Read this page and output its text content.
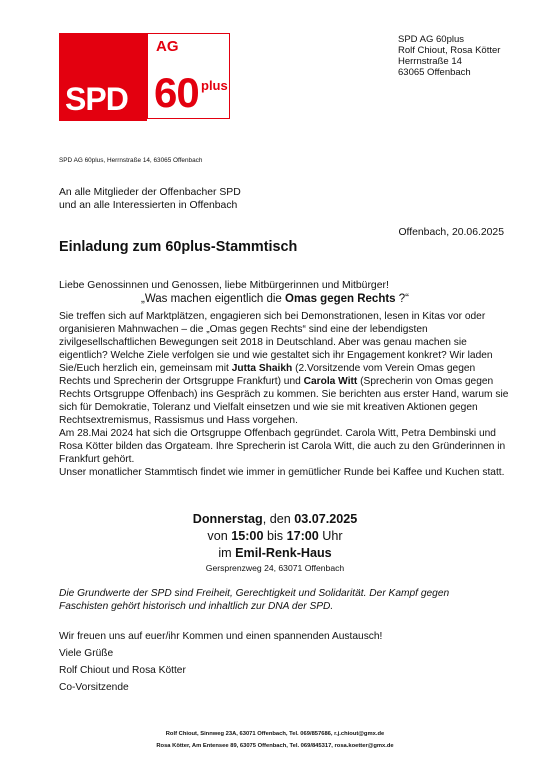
SPD
AG
60 plus
SPD AG 60plus
Rolf Chiout, Rosa Kötter
Herrnstraße 14
63065 Offenbach
SPD AG 60plus, Herrnstraße 14, 63065 Offenbach
An alle Mitglieder der Offenbacher SPD
und an alle Interessierten in Offenbach
Offenbach, 20.06.2025
Einladung zum 60plus-Stammtisch
Liebe Genossinnen und Genossen, liebe Mitbürgerinnen und Mitbürger!
„Was machen eigentlich die Omas gegen Rechts ?“

Sie treffen sich auf Marktplätzen, engagieren sich bei Demonstrationen, lesen in Kitas vor oder organisieren Mahnwachen – die „Omas gegen Rechts“ sind eine der lebendigsten zivilgesellschaftlichen Bewegungen seit 2018 in Deutschland. Aber was genau machen sie eigentlich? Welche Ziele verfolgen sie und wie gestaltet sich ihr Engagement konkret? Wir laden Sie/Euch herzlich ein, gemeinsam mit Jutta Shaikh (2.Vorsitzende vom Verein Omas gegen Rechts und Sprecherin der Ortsgruppe Frankfurt) und Carola Witt (Sprecherin von Omas gegen Rechts Ortsgruppe Offenbach) ins Gespräch zu kommen. Sie berichten aus erster Hand, warum sie sich für Demokratie, Toleranz und Vielfalt einsetzen und wie sie mit kreativen Aktionen gegen Rechtsextremismus, Rassismus und Hass vorgehen.

Am 28.Mai 2024 hat sich die Ortsgruppe Offenbach gegründet. Carola Witt, Petra Dembinski und Rosa Kötter bilden das Orgateam. Ihre Sprecherin ist Carola Witt, die auch zu den Gründerinnen in Frankfurt gehört.

Unser monatlicher Stammtisch findet wie immer in gemütlicher Runde bei Kaffee und Kuchen statt.

Donnerstag, den 03.07.2025
von 15:00 bis 17:00 Uhr
im Emil-Renk-Haus
Gersprenzweg 24, 63071 Offenbach
Die Grundwerte der SPD sind Freiheit, Gerechtigkeit und Solidarität. Der Kampf gegen Faschisten gehört historisch und inhaltlich zur DNA der SPD.
Wir freuen uns auf euer/ihr Kommen und einen spannenden Austausch!
Viele Grüße
Rolf Chiout und Rosa Kötter
Co-Vorsitzende
Rolf Chiout, Sinnweg 23A, 63071 Offenbach, Tel. 069/857686, r.j.chiout@gmx.de
Rosa Kötter, Am Entensee 89, 63075 Offenbach, Tel. 069/845317, rosa.koetter@gmx.de
